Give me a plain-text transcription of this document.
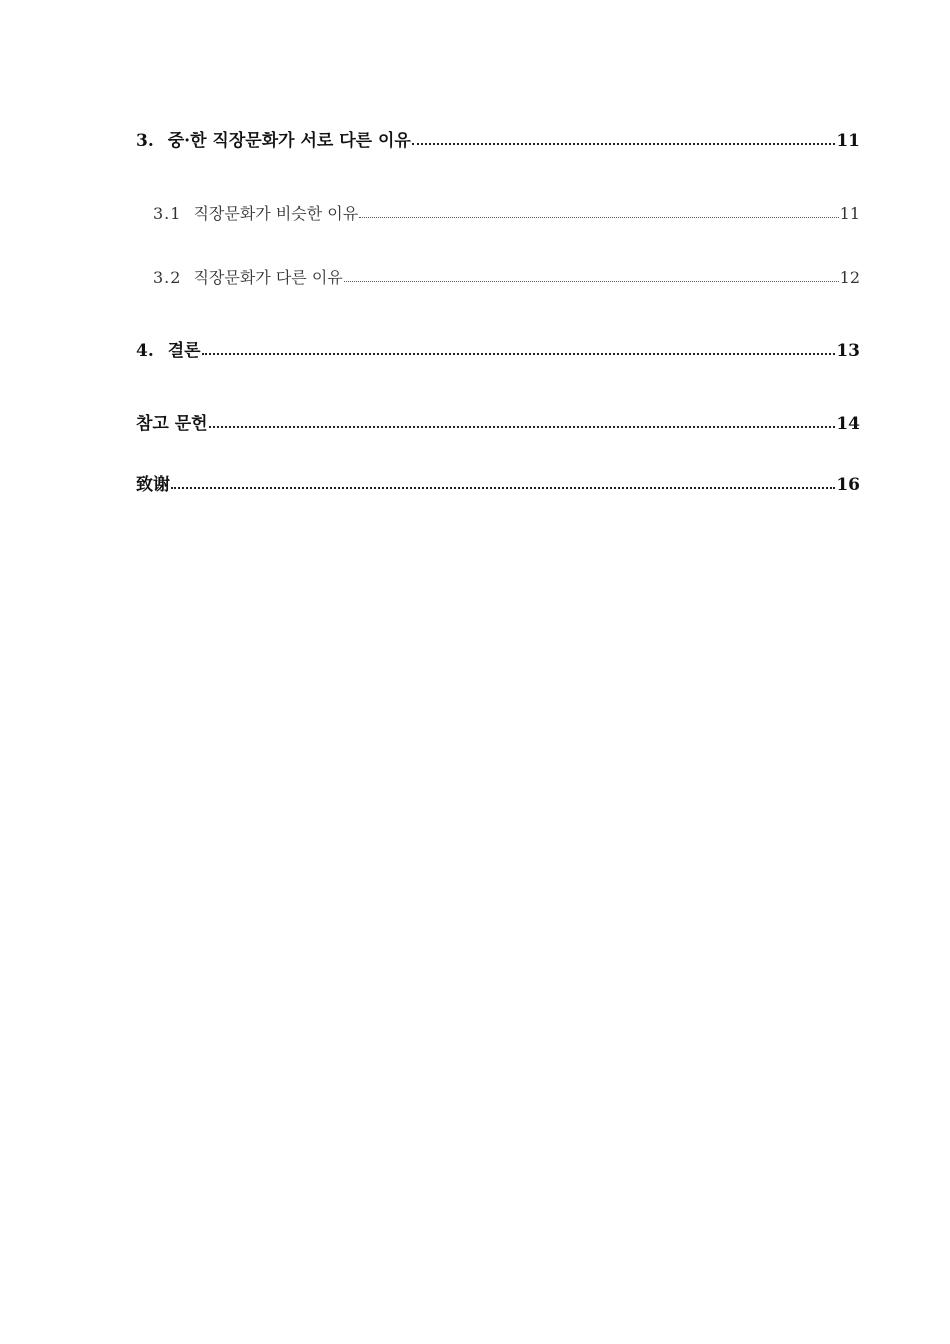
3. 중·한 직장문화가 서로 다른 이유	11
3.1 직장문화가 비슷한 이유	11
3.2 직장문화가 다른 이유	12
4. 결론	13
참고 문헌	14
致谢	16
